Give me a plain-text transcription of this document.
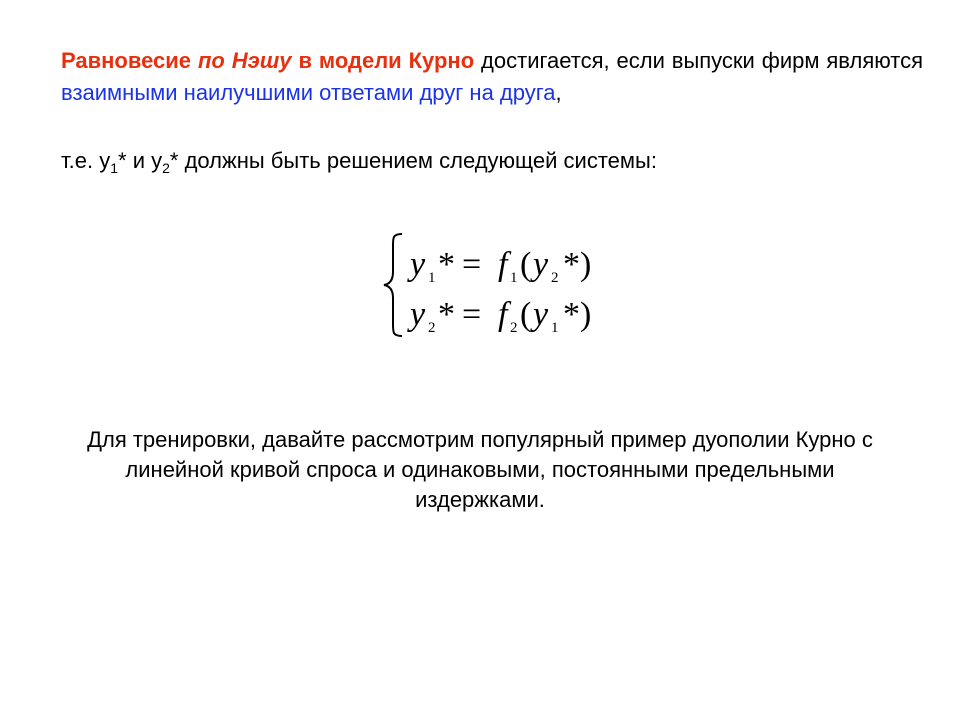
Равновесие по Нэшу в модели Курно достигается, если выпуски фирм являются взаимными наилучшими ответами друг на друга,
т.е. $y_1*$ и $y_2*$ должны быть решением следующей системы:
y 1 * = f 1 ( y 2 *)
y 2 * = f 2 ( y 1 *)
Для тренировки, давайте рассмотрим популярный пример дуополии Курно с линейной кривой спроса и одинаковыми, постоянными предельными издержками.
